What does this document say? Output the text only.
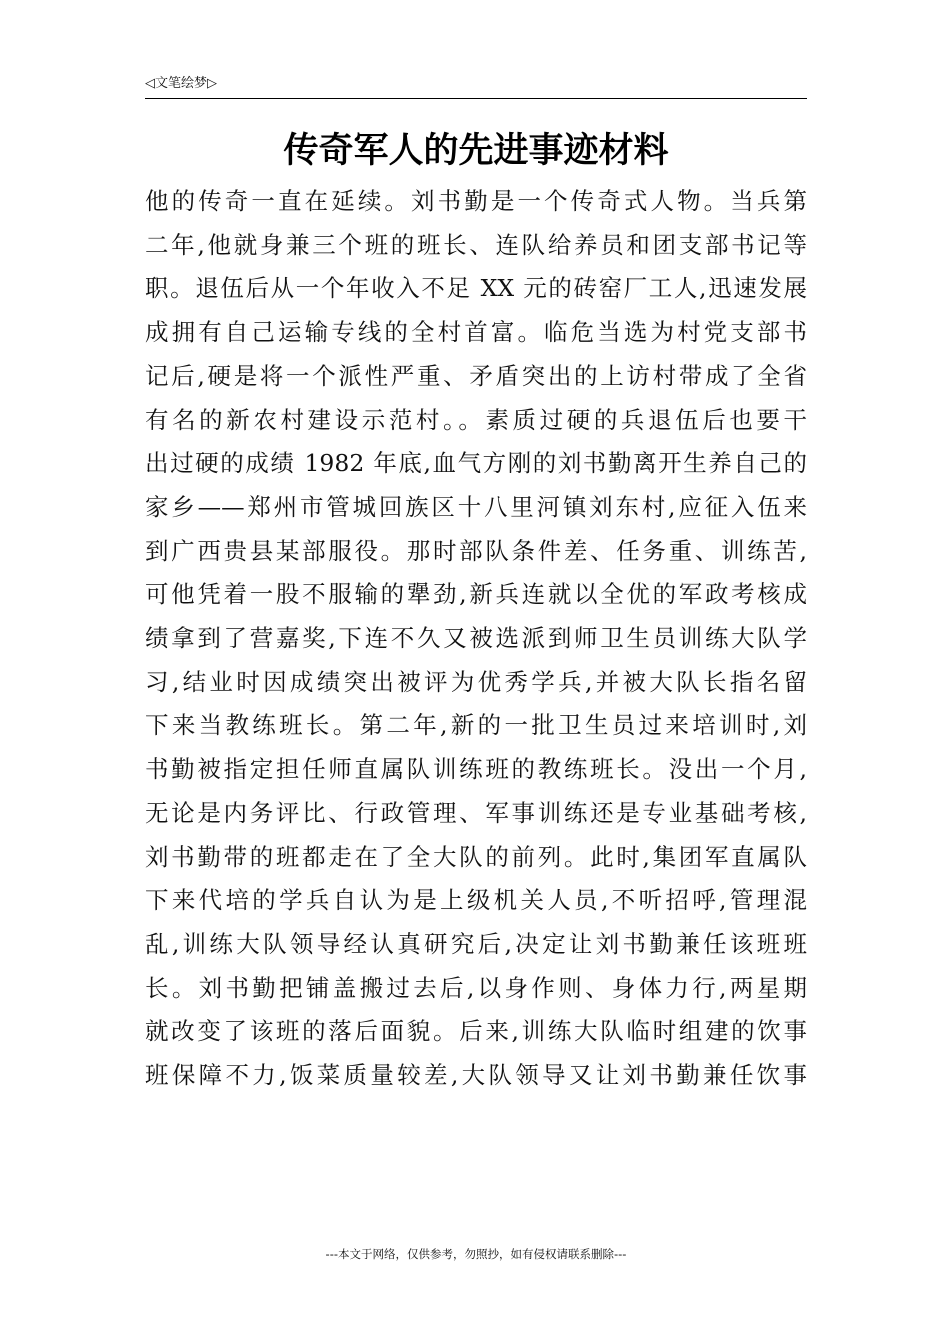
◁文笔绘梦▷
传奇军人的先进事迹材料
他的传奇一直在延续。刘书勤是一个传奇式人物。当兵第
二年,他就身兼三个班的班长、连队给养员和团支部书记等
职。退伍后从一个年收入不足 XX 元的砖窑厂工人,迅速发展
成拥有自己运输专线的全村首富。临危当选为村党支部书
记后,硬是将一个派性严重、矛盾突出的上访村带成了全省
有名的新农村建设示范村。。素质过硬的兵退伍后也要干
出过硬的成绩 1982 年底,血气方刚的刘书勤离开生养自己的
家乡——郑州市管城回族区十八里河镇刘东村,应征入伍来
到广西贵县某部服役。那时部队条件差、任务重、训练苦,
可他凭着一股不服输的犟劲,新兵连就以全优的军政考核成
绩拿到了营嘉奖,下连不久又被选派到师卫生员训练大队学
习,结业时因成绩突出被评为优秀学兵,并被大队长指名留
下来当教练班长。第二年,新的一批卫生员过来培训时,刘
书勤被指定担任师直属队训练班的教练班长。没出一个月,
无论是内务评比、行政管理、军事训练还是专业基础考核,
刘书勤带的班都走在了全大队的前列。此时,集团军直属队
下来代培的学兵自认为是上级机关人员,不听招呼,管理混
乱,训练大队领导经认真研究后,决定让刘书勤兼任该班班
长。刘书勤把铺盖搬过去后,以身作则、身体力行,两星期
就改变了该班的落后面貌。后来,训练大队临时组建的饮事
班保障不力,饭菜质量较差,大队领导又让刘书勤兼任饮事
---本文于网络，仅供参考，勿照抄，如有侵权请联系删除---
